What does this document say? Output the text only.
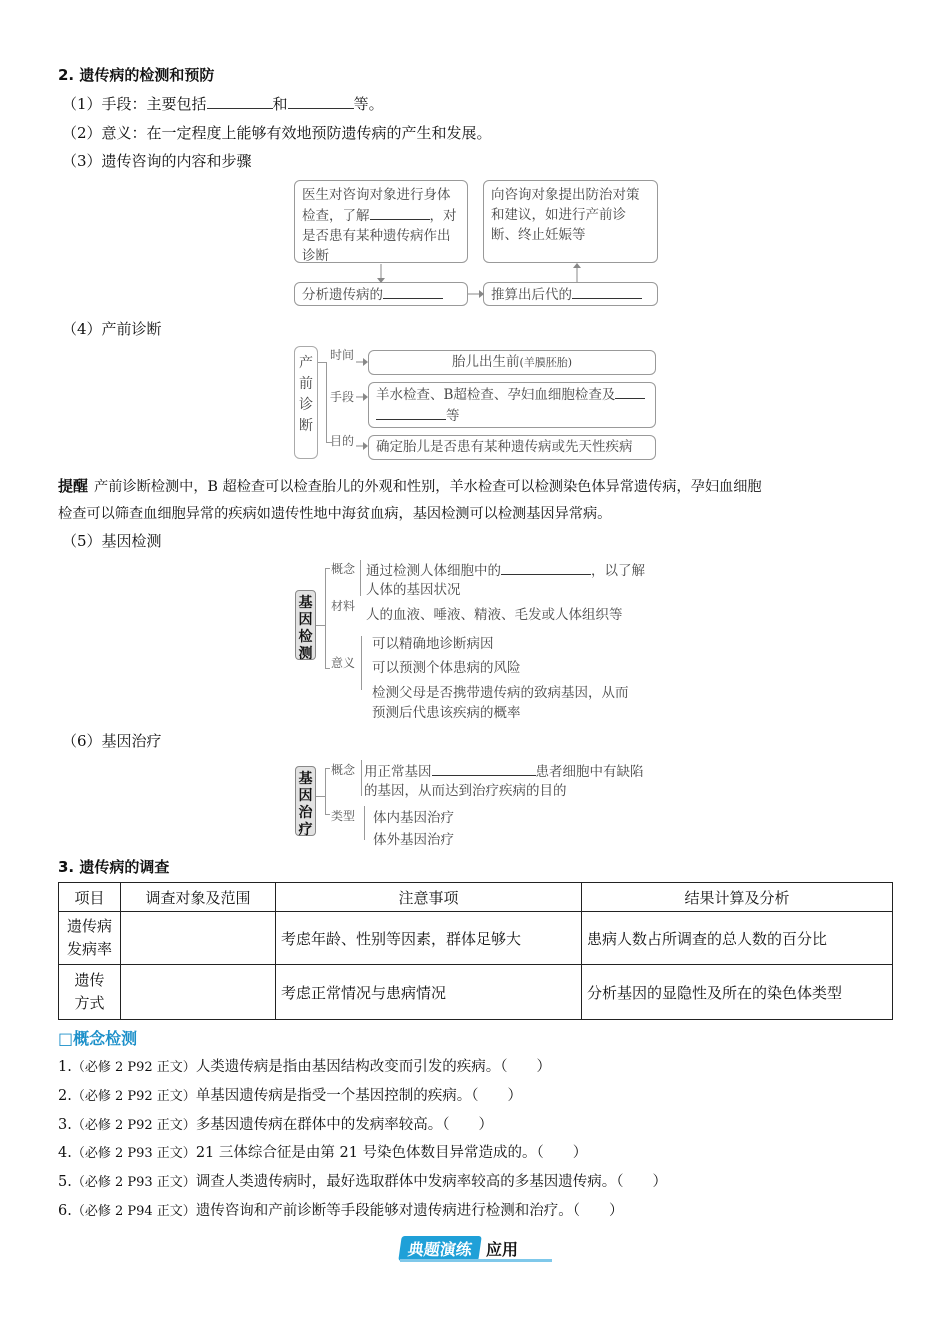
2. 遗传病的检测和预防
（1）手段：主要包括	和	等。
（2）意义：在一定程度上能够有效地预防遗传病的产生和发展。
（3）遗传咨询的内容和步骤
医生对咨询对象进行身体检查，了解	，对是否患有某种遗传病作出诊断
向咨询对象提出防治对策和建议，如进行产前诊断、终止妊娠等
分析遗传病的	推算出后代的
（4）产前诊断
产
前
诊
断
时间
手段
目的
胎儿出生前(羊膜胚胎)
羊水检查、B超检查、孕妇血细胞检查及
等
确定胎儿是否患有某种遗传病或先天性疾病
提醒 产前诊断检测中，B 超检查可以检查胎儿的外观和性别，羊水检查可以检测染色体异常遗传病，孕妇血细胞
检查可以筛查血细胞异常的疾病如遗传性地中海贫血病，基因检测可以检测基因异常病。
（5）基因检测
基
因
检
测
概念
材料
意义
通过检测人体细胞中的	，以了解
人体的基因状况
人的血液、唾液、精液、毛发或人体组织等
可以精确地诊断病因
可以预测个体患病的风险
检测父母是否携带遗传病的致病基因，从而
预测后代患该疾病的概率
（6）基因治疗
基
因
治
疗
概念
类型
用正常基因	患者细胞中有缺陷
的基因，从而达到治疗疾病的目的
体内基因治疗
体外基因治疗
3. 遗传病的调查
项目	调查对象及范围	注意事项	结果计算及分析

遗传病
发病率		考虑年龄、性别等因素，群体足够大	患病人数占所调查的总人数的百分比

遗传
方式		考虑正常情况与患病情况	分析基因的显隐性及所在的染色体类型
□概念检测
1.（必修 2 P92 正文）人类遗传病是指由基因结构改变而引发的疾病。（　　）
2.（必修 2 P92 正文）单基因遗传病是指受一个基因控制的疾病。（　　）
3.（必修 2 P92 正文）多基因遗传病在群体中的发病率较高。（　　）
4.（必修 2 P93 正文）21 三体综合征是由第 21 号染色体数目异常造成的。（　　）
5.（必修 2 P93 正文）调查人类遗传病时，最好选取群体中发病率较高的多基因遗传病。（　　）
6.（必修 2 P94 正文）遗传咨询和产前诊断等手段能够对遗传病进行检测和治疗。（　　）
典题演练 应用
